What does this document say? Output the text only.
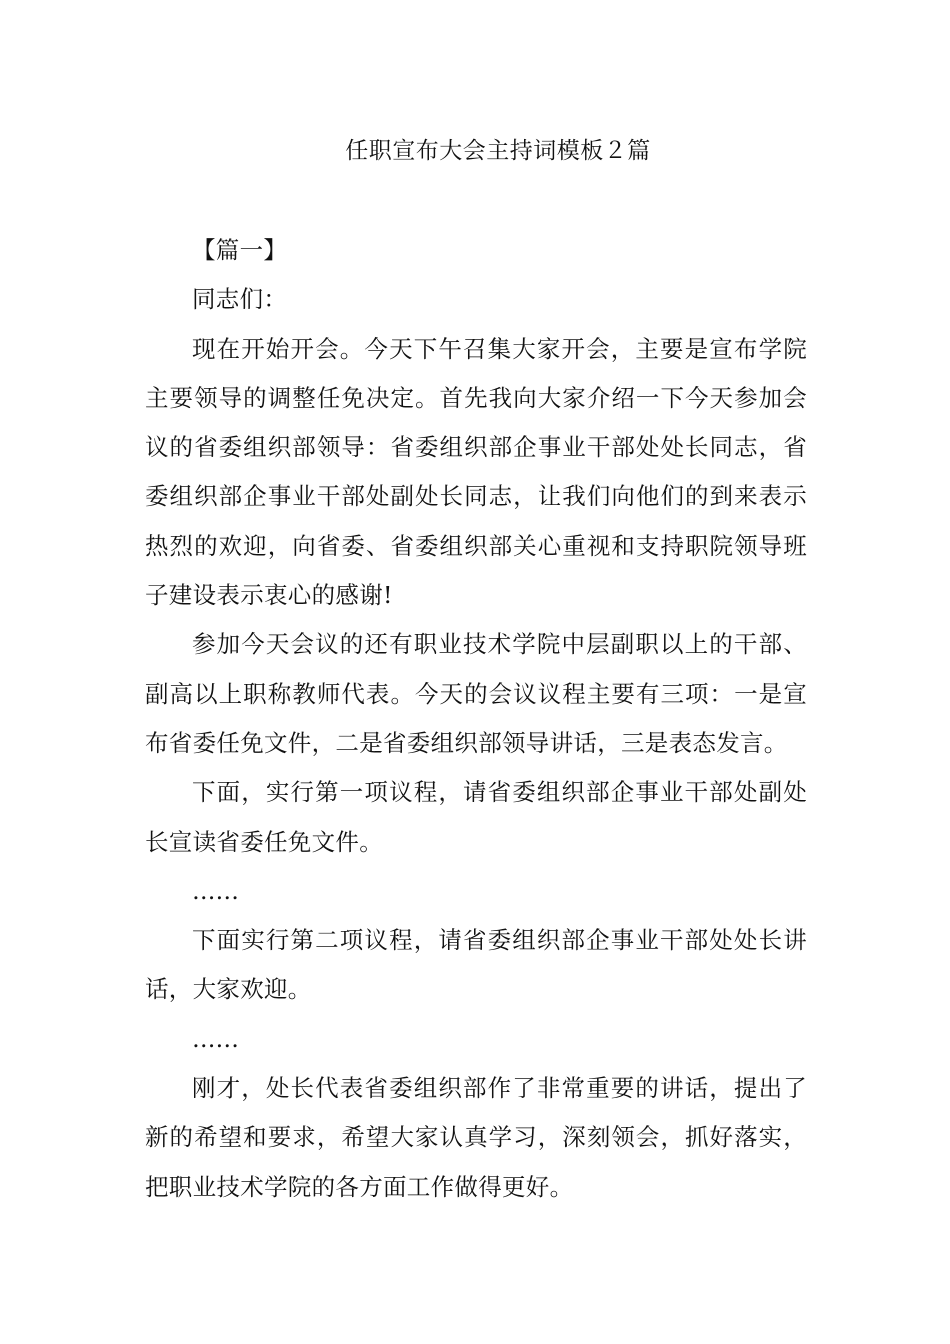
任职宣布大会主持词模板２篇

【篇一】

同志们：

现在开始开会。今天下午召集大家开会，主要是宣布学院主要领导的调整任免决定。首先我向大家介绍一下今天参加会议的省委组织部领导：省委组织部企事业干部处处长同志，省委组织部企事业干部处副处长同志，让我们向他们的到来表示热烈的欢迎，向省委、省委组织部关心重视和支持职院领导班子建设表示衷心的感谢!

参加今天会议的还有职业技术学院中层副职以上的干部、副高以上职称教师代表。今天的会议议程主要有三项：一是宣布省委任免文件，二是省委组织部领导讲话，三是表态发言。

下面，实行第一项议程，请省委组织部企事业干部处副处长宣读省委任免文件。

……

下面实行第二项议程，请省委组织部企事业干部处处长讲话，大家欢迎。

……

刚才，处长代表省委组织部作了非常重要的讲话，提出了新的希望和要求，希望大家认真学习，深刻领会，抓好落实，把职业技术学院的各方面工作做得更好。
